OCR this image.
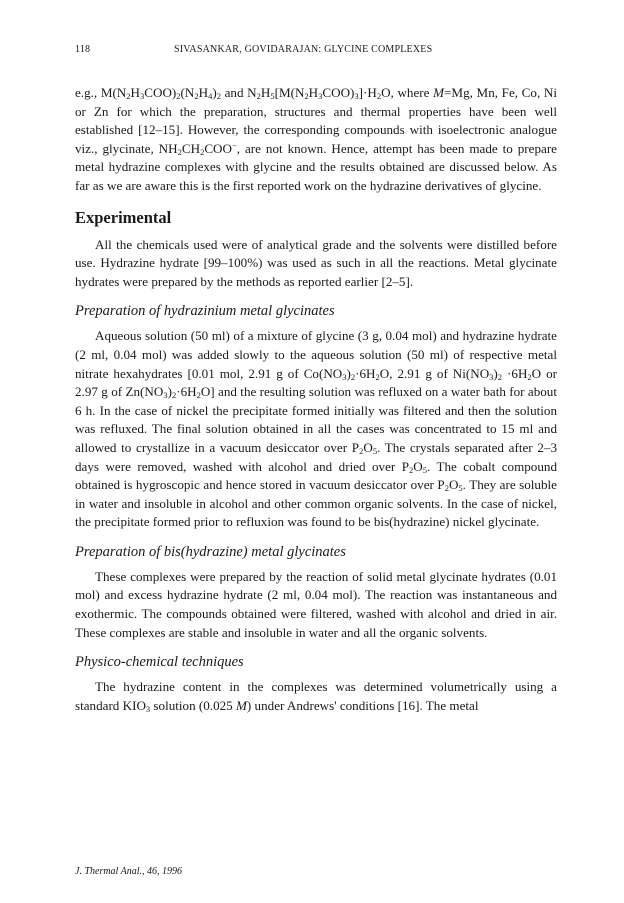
118	SIVASANKAR, GOVIDARAJAN: GLYCINE COMPLEXES

e.g., $M(N_2H_3COO)_2(N_2H_4)_2$ and $N_2H_5[M(N_2H_3COO)_3]\cdot H_2O$, where M=Mg, Mn, Fe, Co, Ni or Zn for which the preparation, structures and thermal properties have been well established [12–15]. However, the corresponding compounds with isoelectronic analogue viz., glycinate, $NH_2CH_2COO^-$, are not known. Hence, attempt has been made to prepare metal hydrazine complexes with glycine and the results obtained are discussed below. As far as we are aware this is the first reported work on the hydrazine derivatives of glycine.

Experimental

All the chemicals used were of analytical grade and the solvents were distilled before use. Hydrazine hydrate [99–100%) was used as such in all the reactions. Metal glycinate hydrates were prepared by the methods as reported earlier [2–5].

Preparation of hydrazinium metal glycinates

Aqueous solution (50 ml) of a mixture of glycine (3 g, 0.04 mol) and hydrazine hydrate (2 ml, 0.04 mol) was added slowly to the aqueous solution (50 ml) of respective metal nitrate hexahydrates [0.01 mol, 2.91 g of $Co(NO_3)_2\cdot 6H_2O$, 2.91 g of $Ni(NO_3)_2 \cdot 6H_2O$ or 2.97 g of $Zn(NO_3)_2\cdot 6H_2O$] and the resulting solution was refluxed on a water bath for about 6 h. In the case of nickel the precipitate formed initially was filtered and then the solution was refluxed. The final solution obtained in all the cases was concentrated to 15 ml and allowed to crystallize in a vacuum desiccator over $P_2O_5$. The crystals separated after 2–3 days were removed, washed with alcohol and dried over $P_2O_5$. The cobalt compound obtained is hygroscopic and hence stored in vacuum desiccator over $P_2O_5$. They are soluble in water and insoluble in alcohol and other common organic solvents. In the case of nickel, the precipitate formed prior to refluxion was found to be bis(hydrazine) nickel glycinate.

Preparation of bis(hydrazine) metal glycinates

These complexes were prepared by the reaction of solid metal glycinate hydrates (0.01 mol) and excess hydrazine hydrate (2 ml, 0.04 mol). The reaction was instantaneous and exothermic. The compounds obtained were filtered, washed with alcohol and dried in air. These complexes are stable and insoluble in water and all the organic solvents.

Physico-chemical techniques

The hydrazine content in the complexes was determined volumetrically using a standard $KIO_3$ solution (0.025 M) under Andrews' conditions [16]. The metal

J. Thermal Anal., 46, 1996
